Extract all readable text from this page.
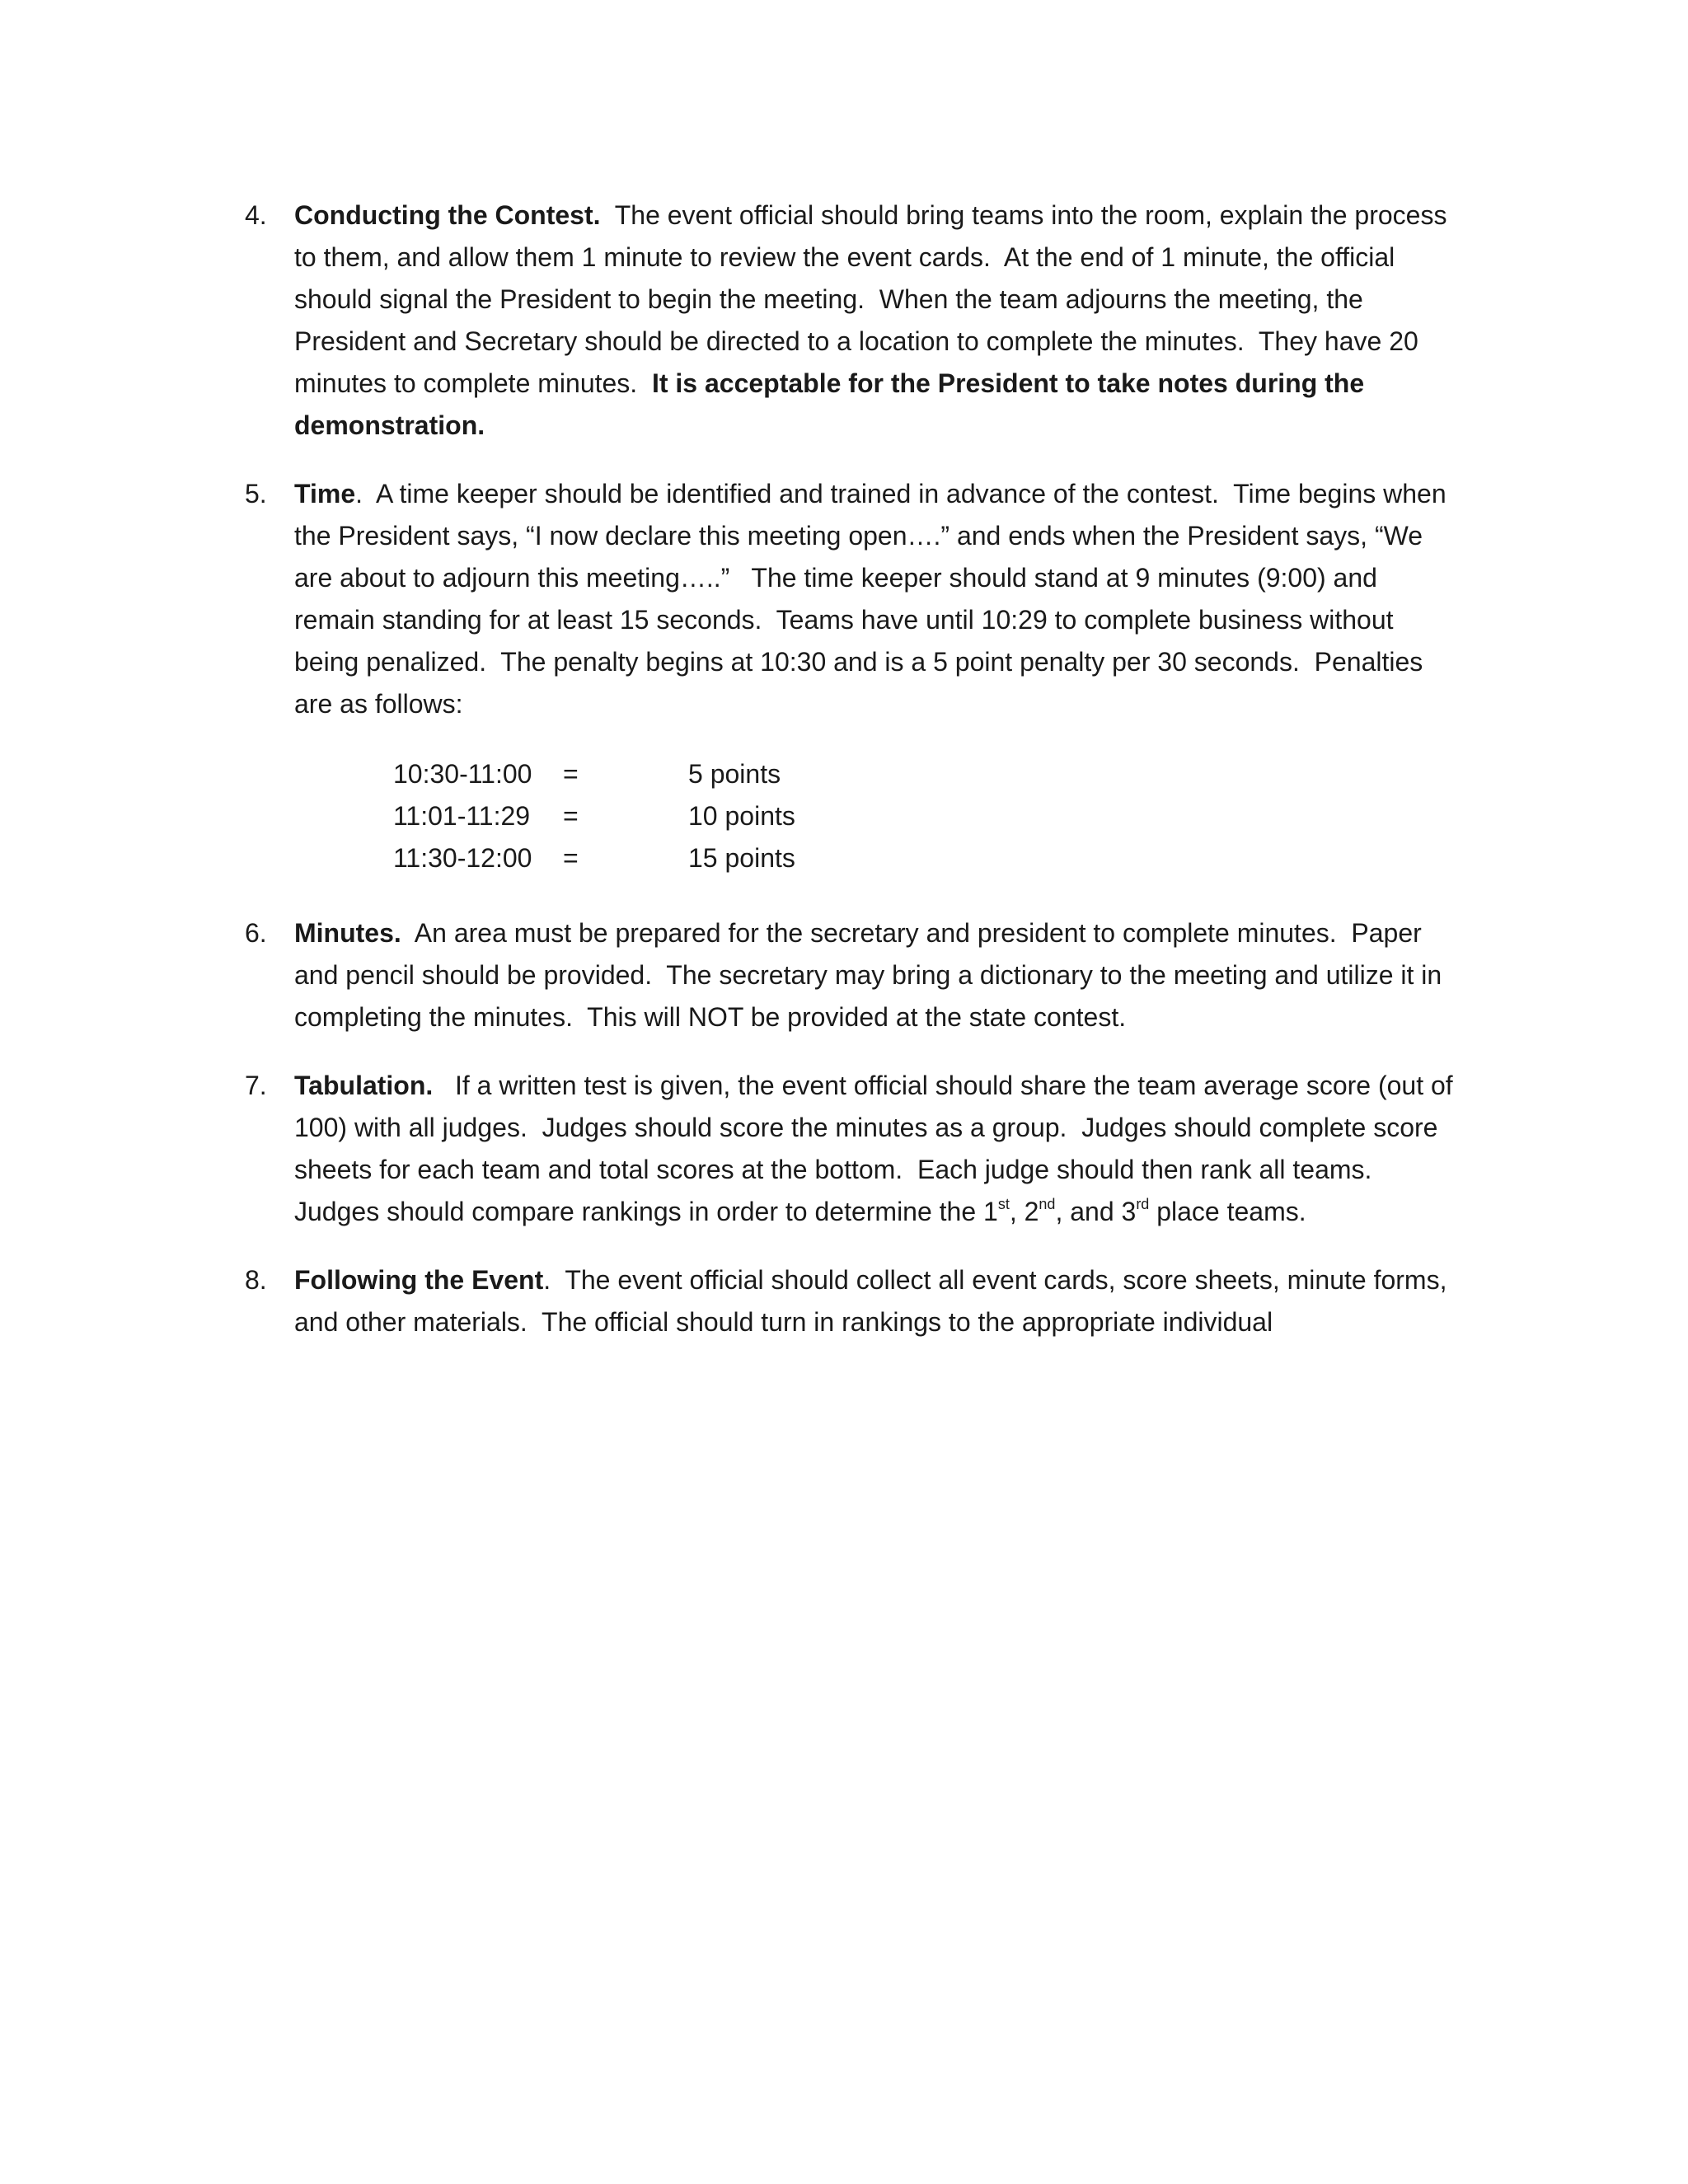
4. Conducting the Contest.  The event official should bring teams into the room, explain the process to them, and allow them 1 minute to review the event cards.  At the end of 1 minute, the official should signal the President to begin the meeting.  When the team adjourns the meeting, the President and Secretary should be directed to a location to complete the minutes.  They have 20 minutes to complete minutes.  It is acceptable for the President to take notes during the demonstration.
5. Time.  A time keeper should be identified and trained in advance of the contest.  Time begins when the President says, “I now declare this meeting open….” and ends when the President says, “We are about to adjourn this meeting…..”   The time keeper should stand at 9 minutes (9:00) and remain standing for at least 15 seconds.  Teams have until 10:29 to complete business without being penalized.  The penalty begins at 10:30 and is a 5 point penalty per 30 seconds.  Penalties are as follows:
10:30-11:00	=	5 points
11:01-11:29	=	10 points
11:30-12:00	=	15 points
6. Minutes.  An area must be prepared for the secretary and president to complete minutes.  Paper and pencil should be provided.  The secretary may bring a dictionary to the meeting and utilize it in completing the minutes.  This will NOT be provided at the state contest.
7. Tabulation.   If a written test is given, the event official should share the team average score (out of 100) with all judges.  Judges should score the minutes as a group.  Judges should complete score sheets for each team and total scores at the bottom.  Each judge should then rank all teams.  Judges should compare rankings in order to determine the 1st, 2nd, and 3rd place teams.
8. Following the Event.  The event official should collect all event cards, score sheets, minute forms, and other materials.  The official should turn in rankings to the appropriate individual
